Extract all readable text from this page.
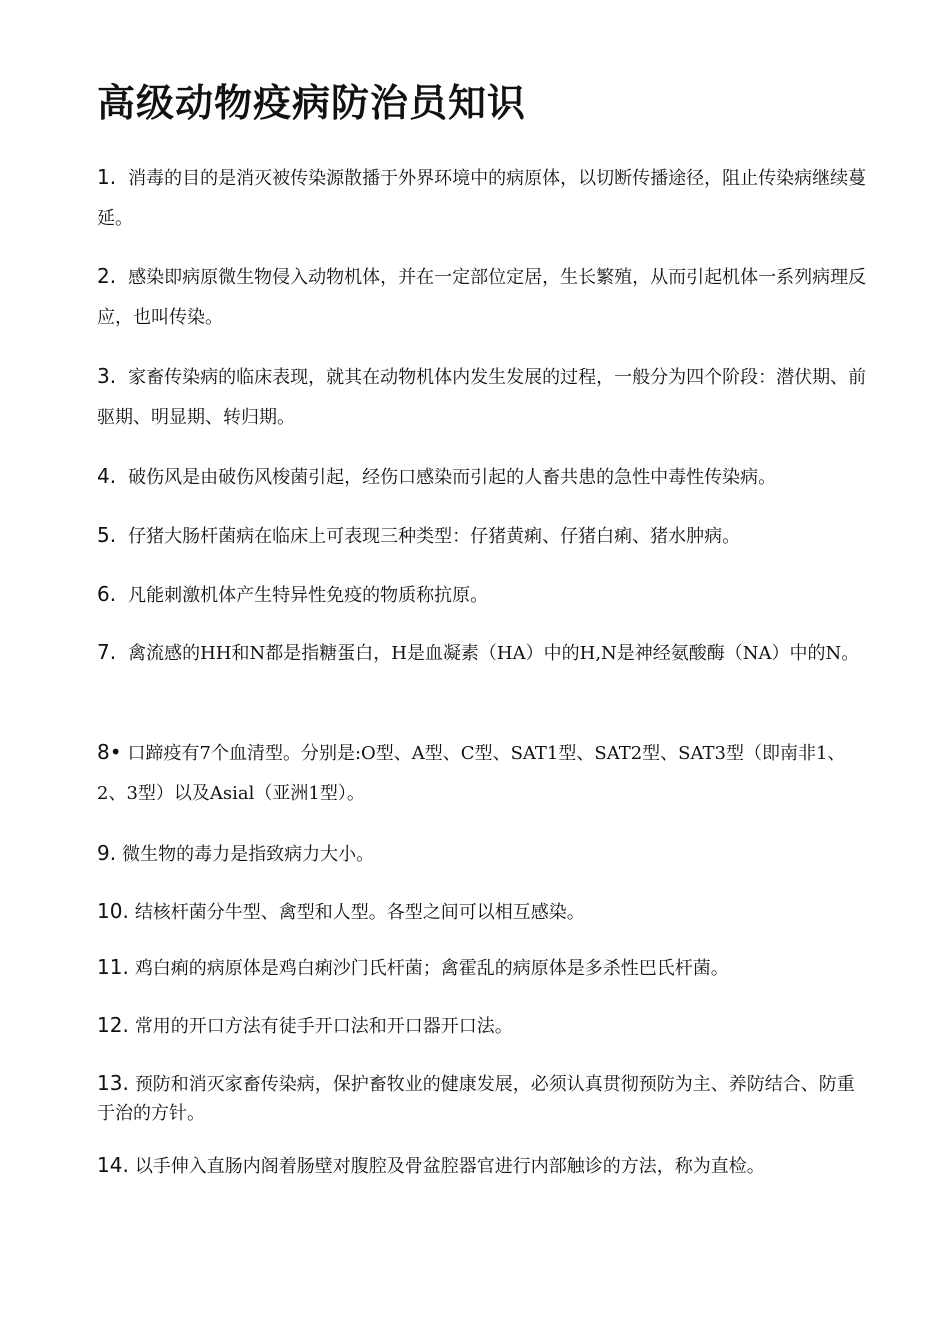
高级动物疫病防治员知识
1. 消毒的目的是消灭被传染源散播于外界环境中的病原体，以切断传播途径，阻止传染病继续蔓延。
2. 感染即病原微生物侵入动物机体，并在一定部位定居，生长繁殖，从而引起机体一系列病理反应，也叫传染。
3. 家畜传染病的临床表现，就其在动物机体内发生发展的过程，一般分为四个阶段：潜伏期、前驱期、明显期、转归期。
4. 破伤风是由破伤风梭菌引起，经伤口感染而引起的人畜共患的急性中毒性传染病。
5. 仔猪大肠杆菌病在临床上可表现三种类型：仔猪黄痢、仔猪白痢、猪水肿病。
6. 凡能刺激机体产生特异性免疫的物质称抗原。
7. 禽流感的HH和N都是指糖蛋白，H是血凝素（HA）中的H,N是神经氨酸酶（NA）中的N。
8• 口蹄疫有7个血清型。分别是:O型、A型、C型、SAT1型、SAT2型、SAT3型（即南非1、2、3型）以及Asial（亚洲1型）。
9. 微生物的毒力是指致病力大小。
10. 结核杆菌分牛型、禽型和人型。各型之间可以相互感染。
11. 鸡白痢的病原体是鸡白痢沙门氏杆菌；禽霍乱的病原体是多杀性巴氏杆菌。
12. 常用的开口方法有徒手开口法和开口器开口法。
13. 预防和消灭家畜传染病，保护畜牧业的健康发展，必须认真贯彻预防为主、养防结合、防重于治的方针。
14. 以手伸入直肠内阁着肠壁对腹腔及骨盆腔器官进行内部触诊的方法，称为直检。
